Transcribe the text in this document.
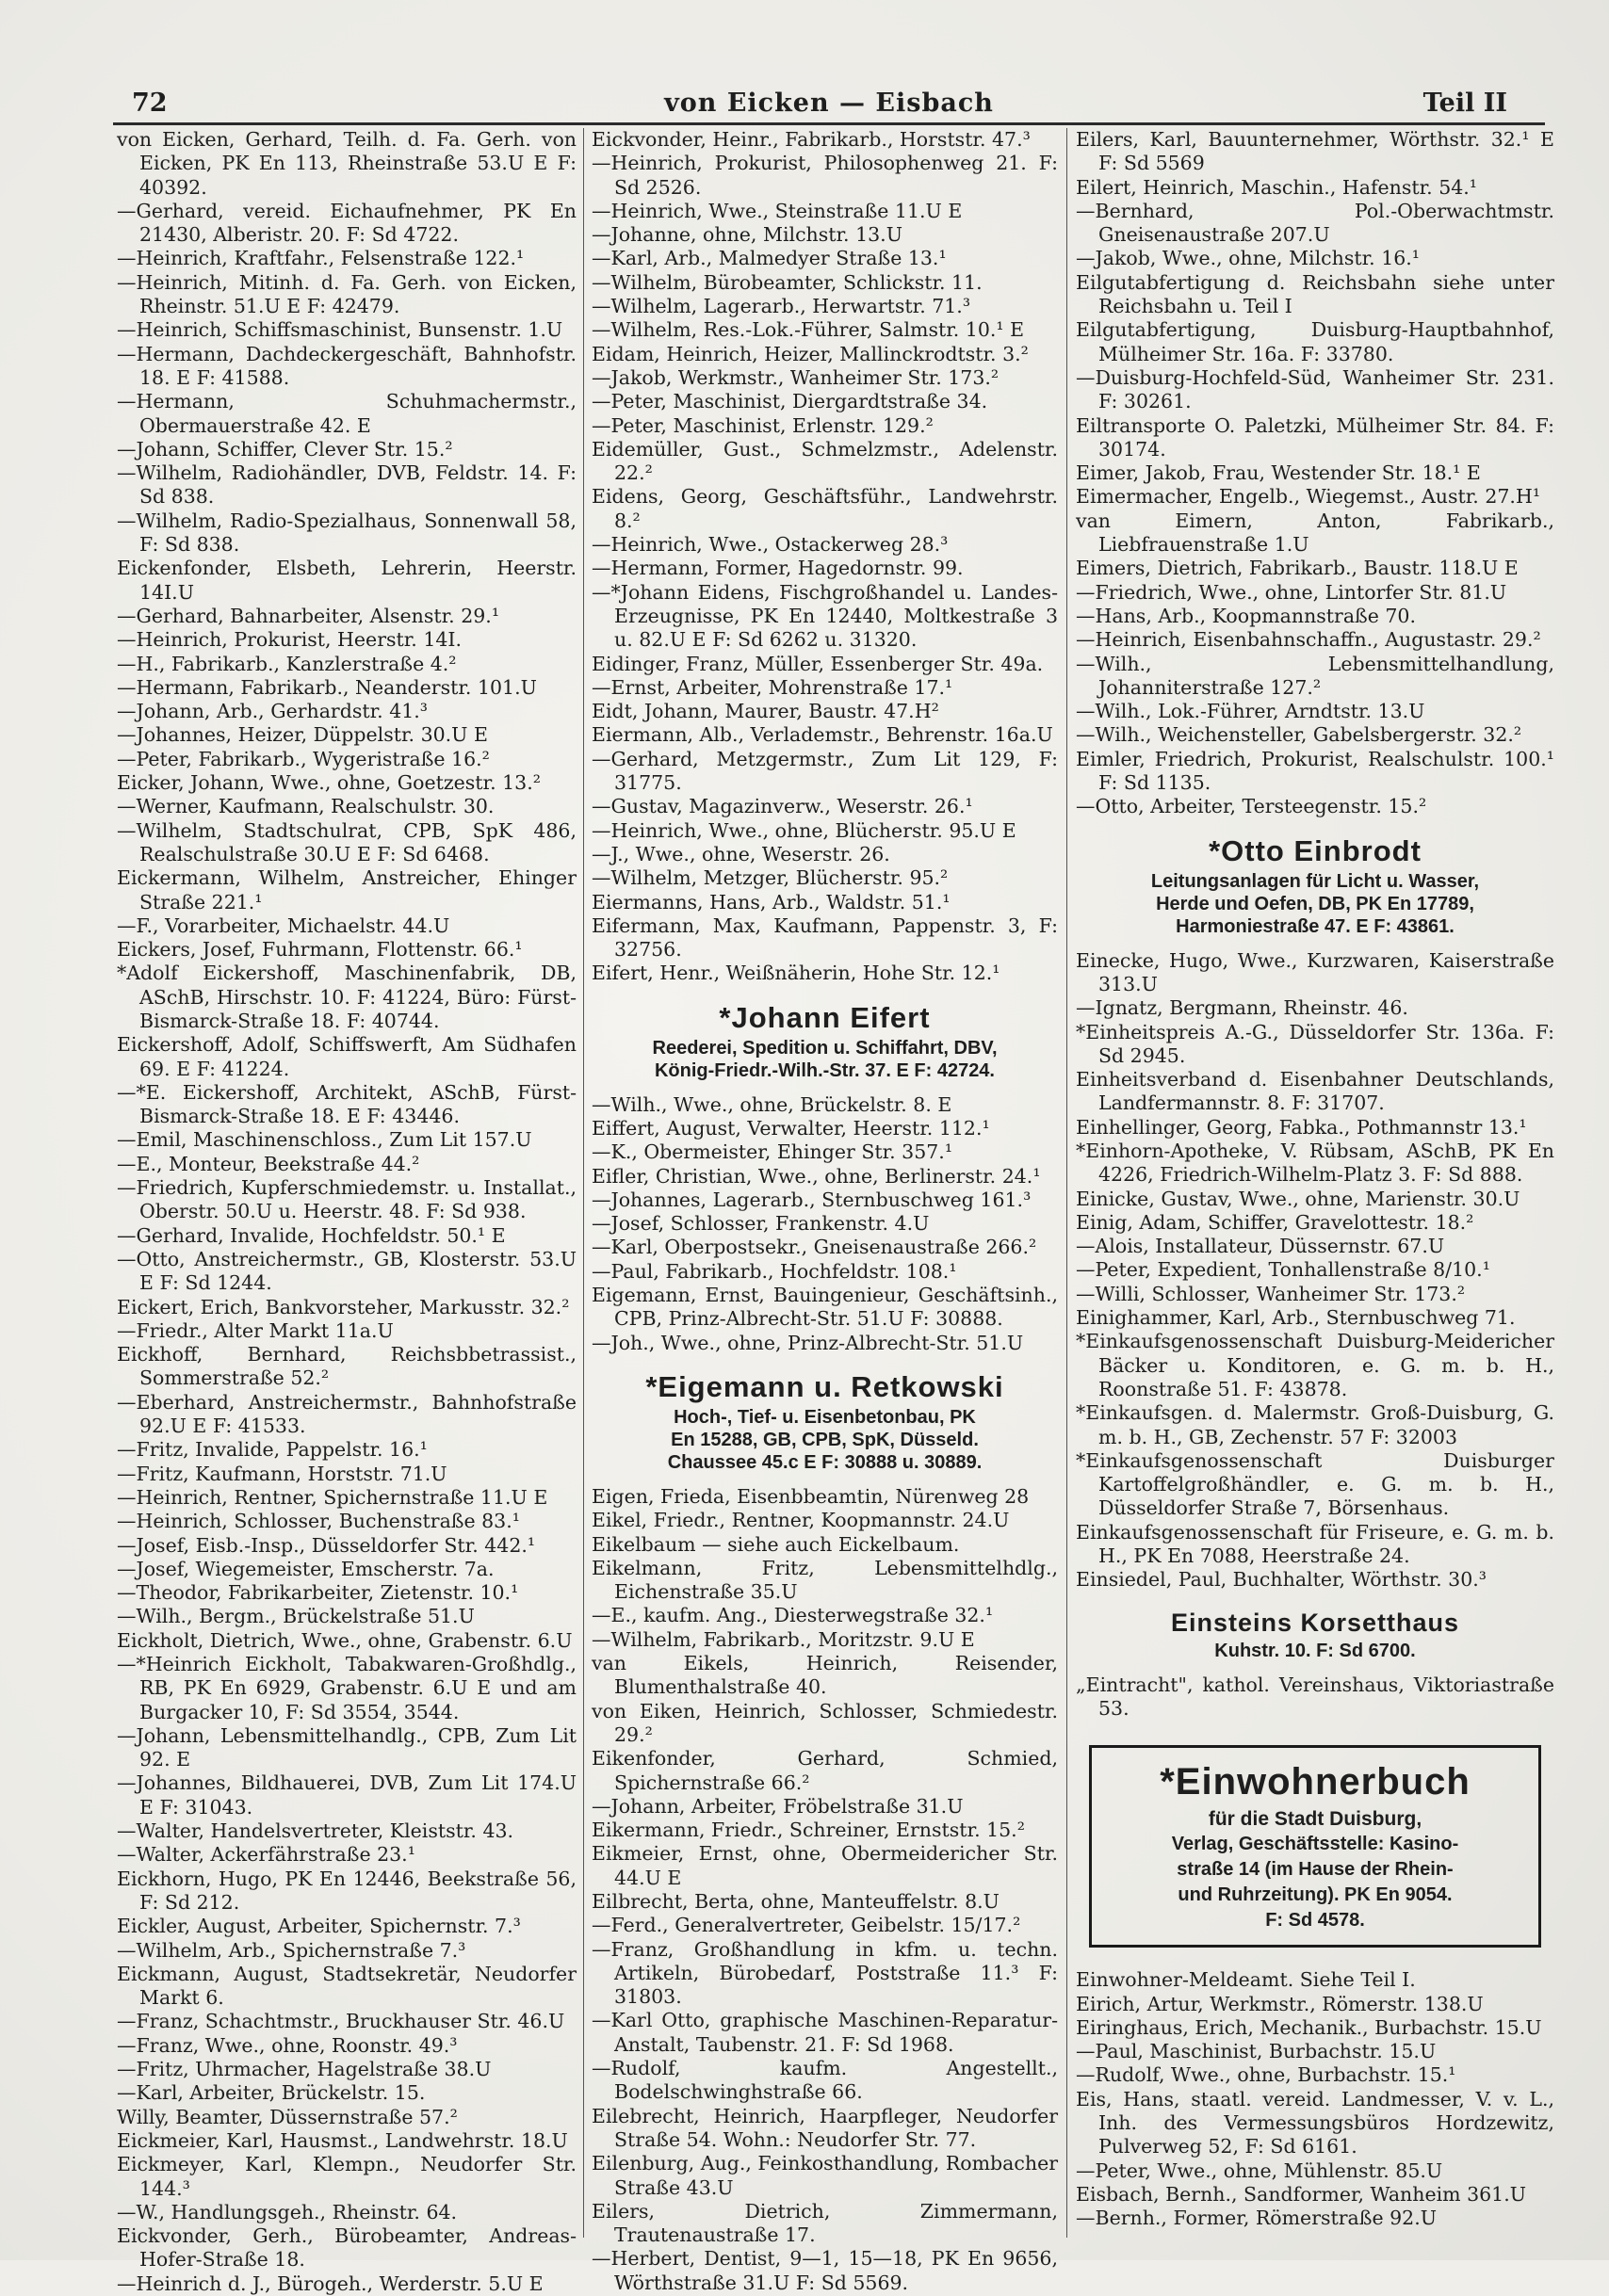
72	von Eicken — Eisbach	Teil II
von Eicken, Gerhard, Teilh. d. Fa. Gerh. von Eicken, PK En 113, Rheinstraße 53.U E F: 40392.
—Gerhard, vereid. Eichaufnehmer, PK En 21430, Alberistr. 20. F: Sd 4722.
—Heinrich, Kraftfahr., Felsenstraße 122.¹
—Heinrich, Mitinh. d. Fa. Gerh. von Eicken, Rheinstr. 51.U E F: 42479.
—Heinrich, Schiffsmaschinist, Bunsenstr. 1.U
—Hermann, Dachdeckergeschäft, Bahnhofstr. 18. E F: 41588.
—Hermann, Schuhmachermstr., Obermauerstraße 42. E
—Johann, Schiffer, Clever Str. 15.²
—Wilhelm, Radiohändler, DVB, Feldstr. 14. F: Sd 838.
—Wilhelm, Radio-Spezialhaus, Sonnenwall 58, F: Sd 838.
Eickenfonder, Elsbeth, Lehrerin, Heerstr. 14I.U
—Gerhard, Bahnarbeiter, Alsenstr. 29.¹
—Heinrich, Prokurist, Heerstr. 14I.
—H., Fabrikarb., Kanzlerstraße 4.²
—Hermann, Fabrikarb., Neanderstr. 101.U
—Johann, Arb., Gerhardstr. 41.³
—Johannes, Heizer, Düppelstr. 30.U E
—Peter, Fabrikarb., Wygeristraße 16.²
Eicker, Johann, Wwe., ohne, Goetzestr. 13.²
—Werner, Kaufmann, Realschulstr. 30.
—Wilhelm, Stadtschulrat, CPB, SpK 486, Realschulstraße 30.U E F: Sd 6468.
Eickermann, Wilhelm, Anstreicher, Ehinger Straße 221.¹
—F., Vorarbeiter, Michaelstr. 44.U
Eickers, Josef, Fuhrmann, Flottenstr. 66.¹
*Adolf Eickershoff, Maschinenfabrik, DB, ASchB, Hirschstr. 10. F: 41224, Büro: Fürst-Bismarck-Straße 18. F: 40744.
Eickershoff, Adolf, Schiffswerft, Am Südhafen 69. E F: 41224.
—*E. Eickershoff, Architekt, ASchB, Fürst-Bismarck-Straße 18. E F: 43446.
—Emil, Maschinenschloss., Zum Lit 157.U
—E., Monteur, Beekstraße 44.²
—Friedrich, Kupferschmiedemstr. u. Installat., Oberstr. 50.U u. Heerstr. 48. F: Sd 938.
—Gerhard, Invalide, Hochfeldstr. 50.¹ E
—Otto, Anstreichermstr., GB, Klosterstr. 53.U E F: Sd 1244.
Eickert, Erich, Bankvorsteher, Markusstr. 32.²
—Friedr., Alter Markt 11a.U
Eickhoff, Bernhard, Reichsbbetrassist., Sommerstraße 52.²
—Eberhard, Anstreichermstr., Bahnhofstraße 92.U E F: 41533.
—Fritz, Invalide, Pappelstr. 16.¹
—Fritz, Kaufmann, Horststr. 71.U
—Heinrich, Rentner, Spichernstraße 11.U E
—Heinrich, Schlosser, Buchenstraße 83.¹
—Josef, Eisb.-Insp., Düsseldorfer Str. 442.¹
—Josef, Wiegemeister, Emscherstr. 7a.
—Theodor, Fabrikarbeiter, Zietenstr. 10.¹
—Wilh., Bergm., Brückelstraße 51.U
Eickholt, Dietrich, Wwe., ohne, Grabenstr. 6.U
—*Heinrich Eickholt, Tabakwaren-Großhdlg., RB, PK En 6929, Grabenstr. 6.U E und am Burgacker 10, F: Sd 3554, 3544.
—Johann, Lebensmittelhandlg., CPB, Zum Lit 92. E
—Johannes, Bildhauerei, DVB, Zum Lit 174.U E F: 31043.
—Walter, Handelsvertreter, Kleiststr. 43.
—Walter, Ackerfährstraße 23.¹
Eickhorn, Hugo, PK En 12446, Beekstraße 56, F: Sd 212.
Eickler, August, Arbeiter, Spichernstr. 7.³
—Wilhelm, Arb., Spichernstraße 7.³
Eickmann, August, Stadtsekretär, Neudorfer Markt 6.
—Franz, Schachtmstr., Bruckhauser Str. 46.U
—Franz, Wwe., ohne, Roonstr. 49.³
—Fritz, Uhrmacher, Hagelstraße 38.U
—Karl, Arbeiter, Brückelstr. 15.
Willy, Beamter, Düssernstraße 57.²
Eickmeier, Karl, Hausmst., Landwehrstr. 18.U
Eickmeyer, Karl, Klempn., Neudorfer Str. 144.³
—W., Handlungsgeh., Rheinstr. 64.
Eickvonder, Gerh., Bürobeamter, Andreas-Hofer-Straße 18.
—Heinrich d. J., Bürogeh., Werderstr. 5.U E
Eickvonder, Heinr., Fabrikarb., Horststr. 47.³
—Heinrich, Prokurist, Philosophenweg 21. F: Sd 2526.
—Heinrich, Wwe., Steinstraße 11.U E
—Johanne, ohne, Milchstr. 13.U
—Karl, Arb., Malmedyer Straße 13.¹
—Wilhelm, Bürobeamter, Schlickstr. 11.
—Wilhelm, Lagerarb., Herwartstr. 71.³
—Wilhelm, Res.-Lok.-Führer, Salmstr. 10.¹ E
Eidam, Heinrich, Heizer, Mallinckrodtstr. 3.²
—Jakob, Werkmstr., Wanheimer Str. 173.²
—Peter, Maschinist, Diergardtstraße 34.
—Peter, Maschinist, Erlenstr. 129.²
Eidemüller, Gust., Schmelzmstr., Adelenstr. 22.²
Eidens, Georg, Geschäftsführ., Landwehrstr. 8.²
—Heinrich, Wwe., Ostackerweg 28.³
—Hermann, Former, Hagedornstr. 99.
—*Johann Eidens, Fischgroßhandel u. Landes-Erzeugnisse, PK En 12440, Moltkestraße 3 u. 82.U E F: Sd 6262 u. 31320.
Eidinger, Franz, Müller, Essenberger Str. 49a.
—Ernst, Arbeiter, Mohrenstraße 17.¹
Eidt, Johann, Maurer, Baustr. 47.H²
Eiermann, Alb., Verlademstr., Behrenstr. 16a.U
—Gerhard, Metzgermstr., Zum Lit 129, F: 31775.
—Gustav, Magazinverw., Weserstr. 26.¹
—Heinrich, Wwe., ohne, Blücherstr. 95.U E
—J., Wwe., ohne, Weserstr. 26.
—Wilhelm, Metzger, Blücherstr. 95.²
Eiermanns, Hans, Arb., Waldstr. 51.¹
Eifermann, Max, Kaufmann, Pappenstr. 3, F: 32756.
Eifert, Henr., Weißnäherin, Hohe Str. 12.¹
*Johann Eifert
Reederei, Spedition u. Schiffahrt, DBV,
König-Friedr.-Wilh.-Str. 37. E F: 42724.
—Wilh., Wwe., ohne, Brückelstr. 8. E
Eiffert, August, Verwalter, Heerstr. 112.¹
—K., Obermeister, Ehinger Str. 357.¹
Eifler, Christian, Wwe., ohne, Berlinerstr. 24.¹
—Johannes, Lagerarb., Sternbuschweg 161.³
—Josef, Schlosser, Frankenstr. 4.U
—Karl, Oberpostsekr., Gneisenaustraße 266.²
—Paul, Fabrikarb., Hochfeldstr. 108.¹
Eigemann, Ernst, Bauingenieur, Geschäftsinh., CPB, Prinz-Albrecht-Str. 51.U F: 30888.
—Joh., Wwe., ohne, Prinz-Albrecht-Str. 51.U
*Eigemann u. Retkowski
Hoch-, Tief- u. Eisenbetonbau, PK
En 15288, GB, CPB, SpK, Düsseld.
Chaussee 45.c E F: 30888 u. 30889.
Eigen, Frieda, Eisenbbeamtin, Nürenweg 28
Eikel, Friedr., Rentner, Koopmannstr. 24.U
Eikelbaum — siehe auch Eickelbaum.
Eikelmann, Fritz, Lebensmittelhdlg., Eichenstraße 35.U
—E., kaufm. Ang., Diesterwegstraße 32.¹
—Wilhelm, Fabrikarb., Moritzstr. 9.U E
van Eikels, Heinrich, Reisender, Blumenthalstraße 40.
von Eiken, Heinrich, Schlosser, Schmiedestr. 29.²
Eikenfonder, Gerhard, Schmied, Spichernstraße 66.²
—Johann, Arbeiter, Fröbelstraße 31.U
Eikermann, Friedr., Schreiner, Ernststr. 15.²
Eikmeier, Ernst, ohne, Obermeidericher Str. 44.U E
Eilbrecht, Berta, ohne, Manteuffelstr. 8.U
—Ferd., Generalvertreter, Geibelstr. 15/17.²
—Franz, Großhandlung in kfm. u. techn. Artikeln, Bürobedarf, Poststraße 11.³ F: 31803.
—Karl Otto, graphische Maschinen-Reparatur-Anstalt, Taubenstr. 21. F: Sd 1968.
—Rudolf, kaufm. Angestellt., Bodelschwinghstraße 66.
Eilebrecht, Heinrich, Haarpfleger, Neudorfer Straße 54. Wohn.: Neudorfer Str. 77.
Eilenburg, Aug., Feinkosthandlung, Rombacher Straße 43.U
Eilers, Dietrich, Zimmermann, Trautenaustraße 17.
—Herbert, Dentist, 9—1, 15—18, PK En 9656, Wörthstraße 31.U F: Sd 5569.
Eilers, Karl, Bauunternehmer, Wörthstr. 32.¹ E F: Sd 5569
Eilert, Heinrich, Maschin., Hafenstr. 54.¹
—Bernhard, Pol.-Oberwachtmstr. Gneisenaustraße 207.U
—Jakob, Wwe., ohne, Milchstr. 16.¹
Eilgutabfertigung d. Reichsbahn siehe unter Reichsbahn u. Teil I
Eilgutabfertigung, Duisburg-Hauptbahnhof, Mülheimer Str. 16a. F: 33780.
—Duisburg-Hochfeld-Süd, Wanheimer Str. 231. F: 30261.
Eiltransporte O. Paletzki, Mülheimer Str. 84. F: 30174.
Eimer, Jakob, Frau, Westender Str. 18.¹ E
Eimermacher, Engelb., Wiegemst., Austr. 27.H¹
van Eimern, Anton, Fabrikarb., Liebfrauenstraße 1.U
Eimers, Dietrich, Fabrikarb., Baustr. 118.U E
—Friedrich, Wwe., ohne, Lintorfer Str. 81.U
—Hans, Arb., Koopmannstraße 70.
—Heinrich, Eisenbahnschaffn., Augustastr. 29.²
—Wilh., Lebensmittelhandlung, Johanniterstraße 127.²
—Wilh., Lok.-Führer, Arndtstr. 13.U
—Wilh., Weichensteller, Gabelsbergerstr. 32.²
Eimler, Friedrich, Prokurist, Realschulstr. 100.¹ F: Sd 1135.
—Otto, Arbeiter, Tersteegenstr. 15.²
*Otto Einbrodt
Leitungsanlagen für Licht u. Wasser,
Herde und Oefen, DB, PK En 17789,
Harmoniestraße 47. E F: 43861.
Einecke, Hugo, Wwe., Kurzwaren, Kaiserstraße 313.U
—Ignatz, Bergmann, Rheinstr. 46.
*Einheitspreis A.-G., Düsseldorfer Str. 136a. F: Sd 2945.
Einheitsverband d. Eisenbahner Deutschlands, Landfermannstr. 8. F: 31707.
Einhellinger, Georg, Fabka., Pothmannstr 13.¹
*Einhorn-Apotheke, V. Rübsam, ASchB, PK En 4226, Friedrich-Wilhelm-Platz 3. F: Sd 888.
Einicke, Gustav, Wwe., ohne, Marienstr. 30.U
Einig, Adam, Schiffer, Gravelottestr. 18.²
—Alois, Installateur, Düssernstr. 67.U
—Peter, Expedient, Tonhallenstraße 8/10.¹
—Willi, Schlosser, Wanheimer Str. 173.²
Einighammer, Karl, Arb., Sternbuschweg 71.
*Einkaufsgenossenschaft Duisburg-Meidericher Bäcker u. Konditoren, e. G. m. b. H., Roonstraße 51. F: 43878.
*Einkaufsgen. d. Malermstr. Groß-Duisburg, G. m. b. H., GB, Zechenstr. 57 F: 32003
*Einkaufsgenossenschaft Duisburger Kartoffelgroßhändler, e. G. m. b. H., Düsseldorfer Straße 7, Börsenhaus.
Einkaufsgenossenschaft für Friseure, e. G. m. b. H., PK En 7088, Heerstraße 24.
Einsiedel, Paul, Buchhalter, Wörthstr. 30.³
Einsteins Korsetthaus
Kuhstr. 10. F: Sd 6700.
„Eintracht", kathol. Vereinshaus, Viktoriastraße 53.
*Einwohnerbuch
für die Stadt Duisburg,
Verlag, Geschäftsstelle: Kasino-
straße 14 (im Hause der Rhein-
und Ruhrzeitung). PK En 9054.
F: Sd 4578.
Einwohner-Meldeamt. Siehe Teil I.
Eirich, Artur, Werkmstr., Römerstr. 138.U
Eiringhaus, Erich, Mechanik., Burbachstr. 15.U
—Paul, Maschinist, Burbachstr. 15.U
—Rudolf, Wwe., ohne, Burbachstr. 15.¹
Eis, Hans, staatl. vereid. Landmesser, V. v. L., Inh. des Vermessungsbüros Hordzewitz, Pulverweg 52, F: Sd 6161.
—Peter, Wwe., ohne, Mühlenstr. 85.U
Eisbach, Bernh., Sandformer, Wanheim 361.U
—Bernh., Former, Römerstraße 92.U
